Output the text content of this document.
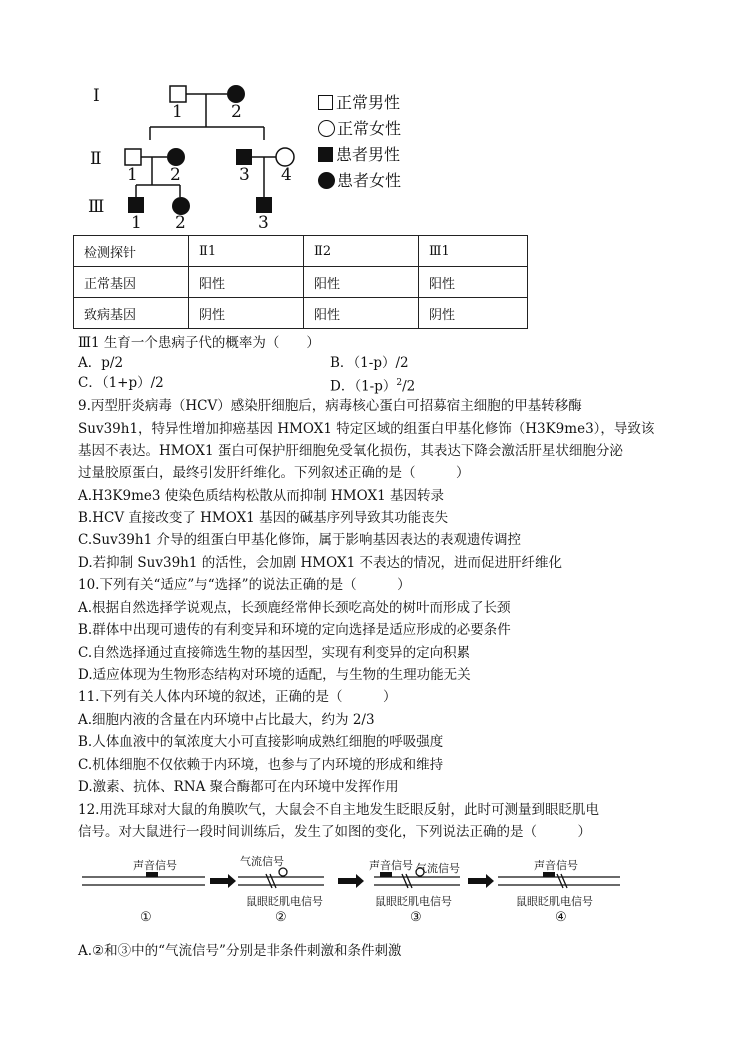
Ⅰ
Ⅱ
Ⅲ
1	2
1 2	3 4
1 2	3
正常男性
正常女性
患者男性
患者女性
检测探针	Ⅱ1	Ⅱ2	Ⅲ1
正常基因	阳性	阳性	阳性
致病基因	阴性	阳性	阴性
Ⅲ1 生育一个患病子代的概率为（　　）
A．p/2	B．（1-p）/2
C．（1+p）/2	D．$(1-p)^2/2$
9.丙型肝炎病毒（HCV）感染肝细胞后，病毒核心蛋白可招募宿主细胞的甲基转移酶
Suv39h1，特异性增加抑癌基因 HMOX1 特定区域的组蛋白甲基化修饰（H3K9me3），导致该
基因不表达。HMOX1 蛋白可保护肝细胞免受氧化损伤，其表达下降会激活肝星状细胞分泌
过量胶原蛋白，最终引发肝纤维化。下列叙述正确的是（　　　）
A.H3K9me3 使染色质结构松散从而抑制 HMOX1 基因转录
B.HCV 直接改变了 HMOX1 基因的碱基序列导致其功能丧失
C.Suv39h1 介导的组蛋白甲基化修饰，属于影响基因表达的表观遗传调控
D.若抑制 Suv39h1 的活性，会加剧 HMOX1 不表达的情况，进而促进肝纤维化
10.下列有关“适应”与“选择”的说法正确的是（　　　）
A.根据自然选择学说观点，长颈鹿经常伸长颈吃高处的树叶而形成了长颈
B.群体中出现可遗传的有利变异和环境的定向选择是适应形成的必要条件
C.自然选择通过直接筛选生物的基因型，实现有利变异的定向积累
D.适应体现为生物形态结构对环境的适配，与生物的生理功能无关
11.下列有关人体内环境的叙述，正确的是（　　　）
A.细胞内液的含量在内环境中占比最大，约为 2/3
B.人体血液中的氧浓度大小可直接影响成熟红细胞的呼吸强度
C.机体细胞不仅依赖于内环境，也参与了内环境的形成和维持
D.激素、抗体、RNA 聚合酶都可在内环境中发挥作用
12.用洗耳球对大鼠的角膜吹气，大鼠会不自主地发生眨眼反射，此时可测量到眼眨肌电
信号。对大鼠进行一段时间训练后，发生了如图的变化，下列说法正确的是（　　　）
声音信号	气流信号
鼠眼眨肌电信号
声音信号 气流信号
鼠眼眨肌电信号
声音信号
鼠眼眨肌电信号
①	②	③	④
A.②和③中的“气流信号”分别是非条件刺激和条件刺激
